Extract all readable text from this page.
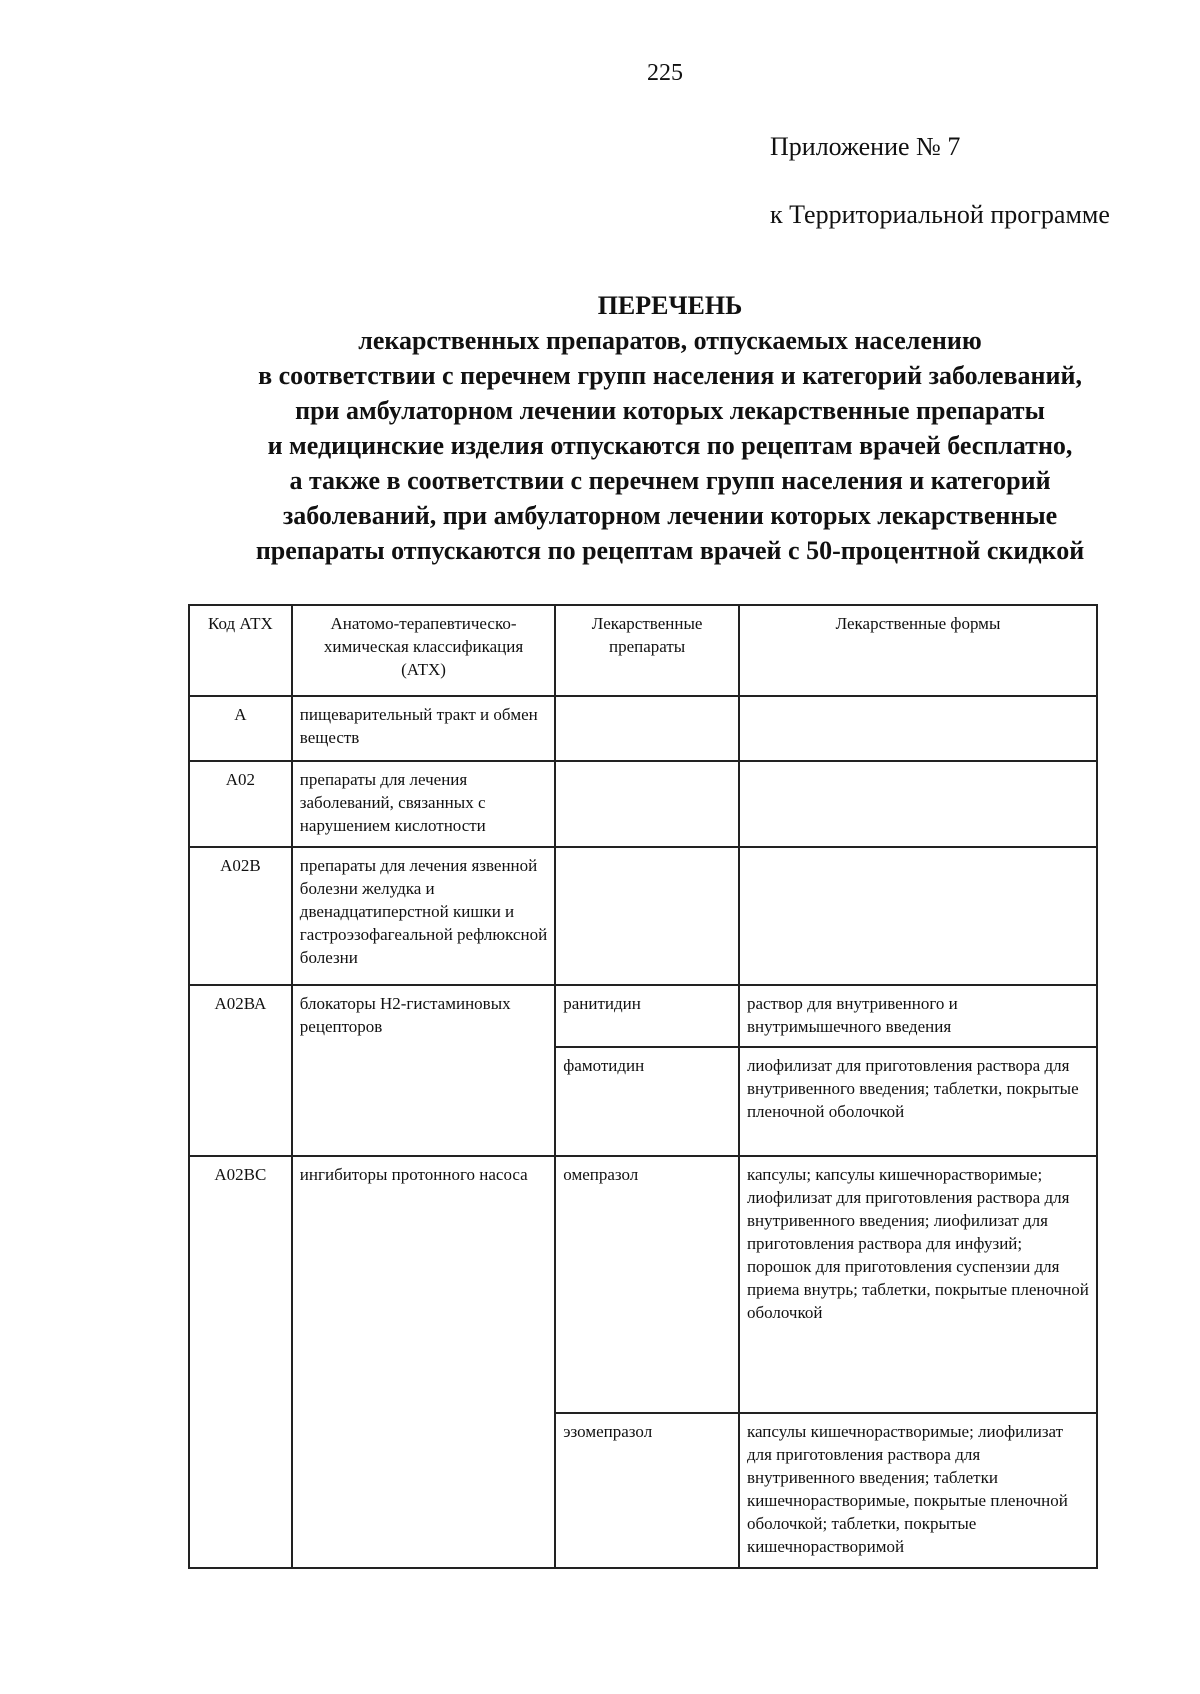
225
Приложение № 7
к Территориальной программе
ПЕРЕЧЕНЬ
лекарственных препаратов, отпускаемых населению
в соответствии с перечнем групп населения и категорий заболеваний,
при амбулаторном лечении которых лекарственные препараты
и медицинские изделия отпускаются по рецептам врачей бесплатно,
а также в соответствии с перечнем групп населения и категорий
заболеваний, при амбулаторном лечении которых лекарственные
препараты отпускаются по рецептам врачей с 50-процентной скидкой
Код АТХ	Анатомо-терапевтическо-химическая классификация (АТХ)	Лекарственные препараты	Лекарственные формы
А	пищеварительный тракт и обмен веществ		
А02	препараты для лечения заболеваний, связанных с нарушением кислотности		
А02В	препараты для лечения язвенной болезни желудка и двенадцатиперстной кишки и гастроэзофагеальной рефлюксной болезни		
А02ВА	блокаторы Н2-гистаминовых рецепторов	ранитидин	раствор для внутривенного и внутримышечного введения
		фамотидин	лиофилизат для приготовления раствора для внутривенного введения; таблетки, покрытые пленочной оболочкой
А02ВС	ингибиторы протонного насоса	омепразол	капсулы; капсулы кишечнорастворимые; лиофилизат для приготовления раствора для внутривенного введения; лиофилизат для приготовления раствора для инфузий; порошок для приготовления суспензии для приема внутрь; таблетки, покрытые пленочной оболочкой
		эзомепразол	капсулы кишечнорастворимые; лиофилизат для приготовления раствора для внутривенного введения; таблетки кишечнорастворимые, покрытые пленочной оболочкой; таблетки, покрытые кишечнорастворимой
